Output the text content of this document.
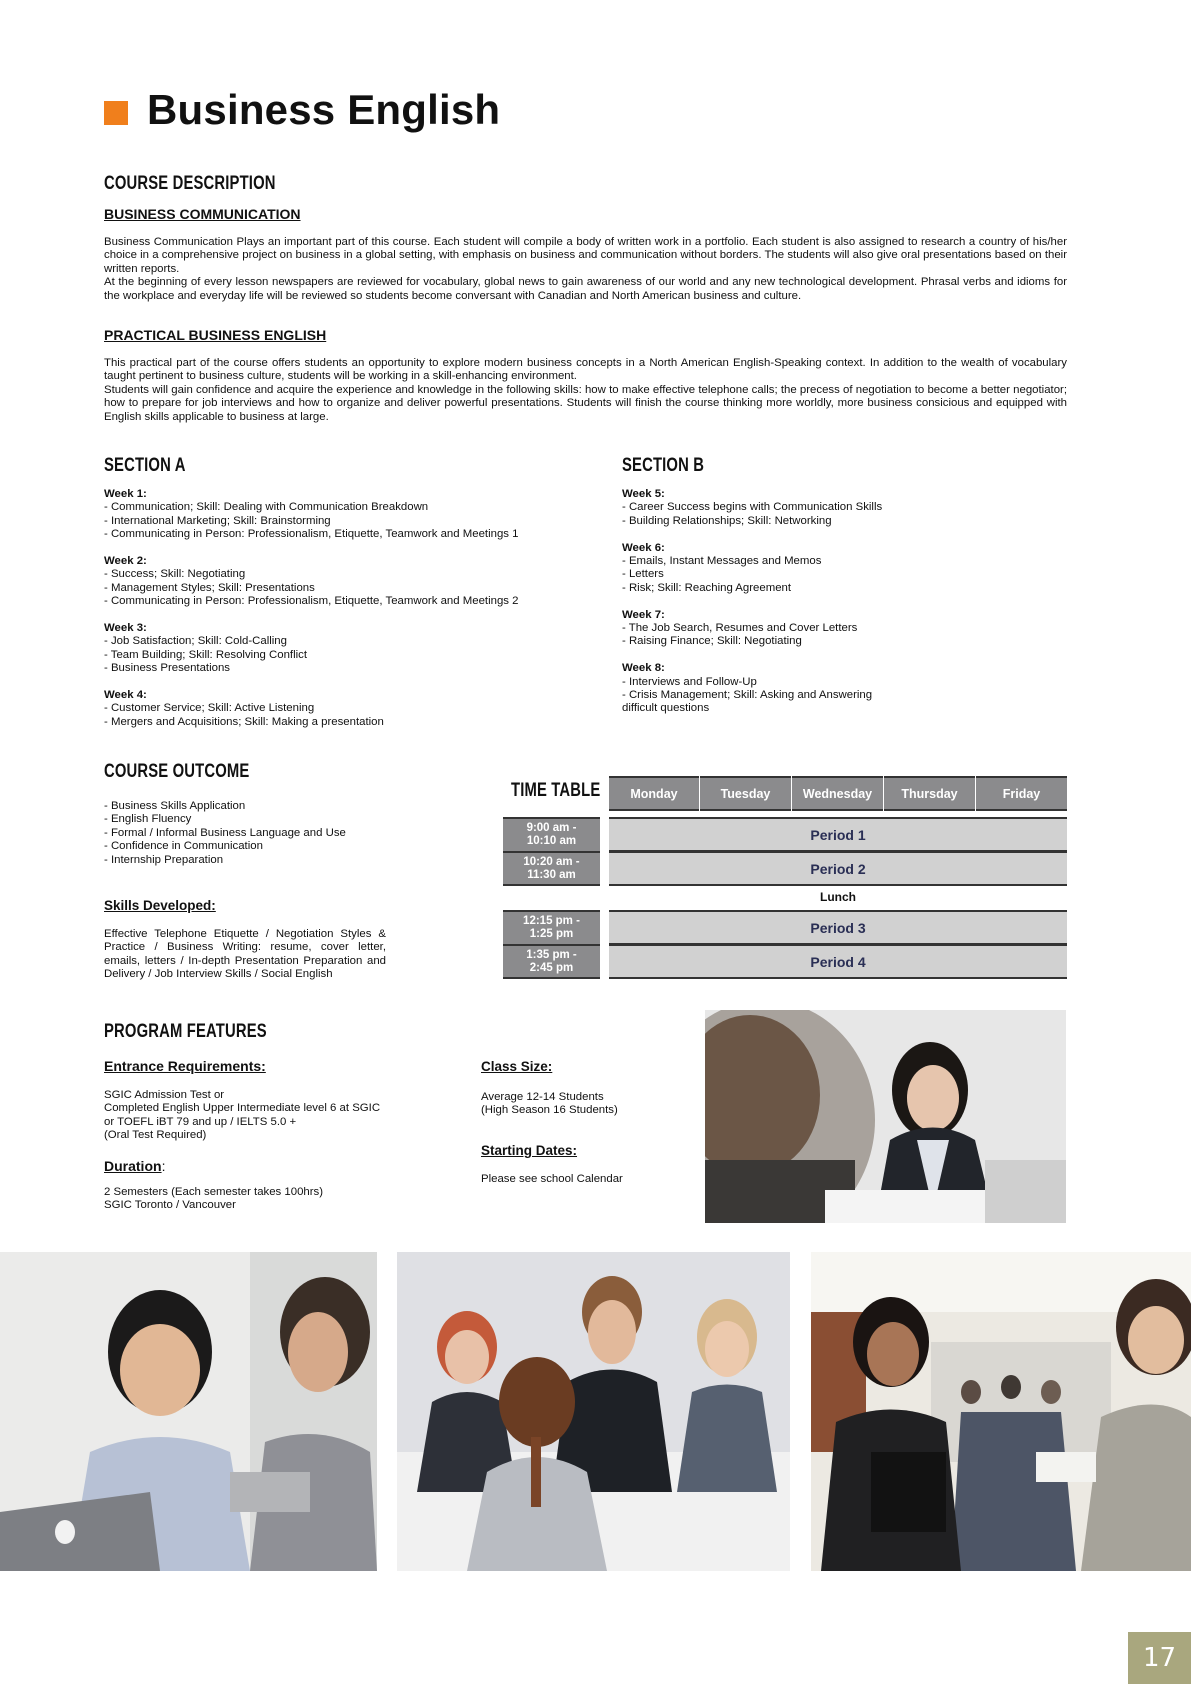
Business English
COURSE DESCRIPTION
BUSINESS COMMUNICATION

Business Communication Plays an important part of this course. Each student will compile a body of written work in a portfolio. Each student is also assigned to research a country of his/her choice in a comprehensive project on business in a global setting, with emphasis on business and communication without borders. The students will also give oral presentations based on their written reports.

At the beginning of every lesson newspapers are reviewed for vocabulary, global news to gain awareness of our world and any new technological development. Phrasal verbs and idioms for the workplace and everyday life will be reviewed so students become conversant with Canadian and North American business and culture.

PRACTICAL BUSINESS ENGLISH

This practical part of the course offers students an opportunity to explore modern business concepts in a North American English-Speaking context. In addition to the wealth of vocabulary taught pertinent to business culture, students will be working in a skill-enhancing environment.

Students will gain confidence and acquire the experience and knowledge in the following skills: how to make effective telephone calls; the precess of negotiation to become a better negotiator; how to prepare for job interviews and how to organize and deliver powerful presentations. Students will finish the course thinking more worldly, more business consicious and equipped with English skills applicable to business at large.

SECTION A
Week 1:
- Communication; Skill: Dealing with Communication Breakdown
- International Marketing; Skill: Brainstorming
- Communicating in Person: Professionalism, Etiquette, Teamwork and Meetings 1
Week 2:
- Success; Skill: Negotiating
- Management Styles; Skill: Presentations
- Communicating in Person: Professionalism, Etiquette, Teamwork and Meetings 2
Week 3:
- Job Satisfaction; Skill: Cold-Calling
- Team Building; Skill: Resolving Conflict
- Business Presentations
Week 4:
- Customer Service; Skill: Active Listening
- Mergers and Acquisitions; Skill: Making a presentation
SECTION B
Week 5:
- Career Success begins with Communication Skills
- Building Relationships; Skill: Networking
Week 6:
- Emails, Instant Messages and Memos
- Letters
- Risk; Skill: Reaching Agreement
Week 7:
- The Job Search, Resumes and Cover Letters
- Raising Finance; Skill: Negotiating
Week 8:
- Interviews and Follow-Up
- Crisis Management; Skill: Asking and Answering
difficult questions
COURSE OUTCOME
- Business Skills Application
- English Fluency
- Formal / Informal Business Language and Use
- Confidence in Communication
- Internship Preparation
Skills Developed:
Effective Telephone Etiquette / Negotiation Styles & Practice / Business Writing: resume, cover letter, emails, letters / In-depth Presentation Preparation and Delivery / Job Interview Skills / Social English
TIME TABLE	Monday	Tuesday	Wednesday	Thursday	Friday
9:00 am -
10:10 am	Period 1
10:20 am -
11:30 am	Period 2
Lunch
12:15 pm -
1:25 pm	Period 3
1:35 pm -
2:45 pm	Period 4
PROGRAM FEATURES
Entrance Requirements:
SGIC Admission Test or
Completed English Upper Intermediate level 6 at SGIC
or TOEFL iBT 79 and up / IELTS 5.0 +
(Oral Test Required)
Duration:
2 Semesters (Each semester takes 100hrs)
SGIC Toronto / Vancouver
Class Size:
Average 12-14 Students
(High Season 16 Students)
Starting Dates:
Please see school Calendar
17
